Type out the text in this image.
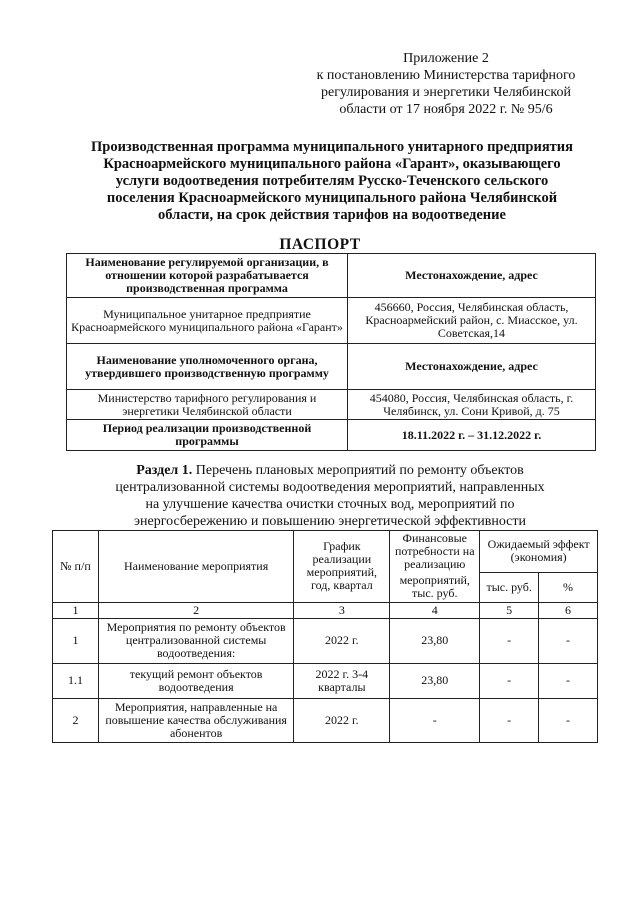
Приложение 2
к постановлению Министерства тарифного
регулирования и энергетики Челябинской
области от 17 ноября 2022 г. № 95/6
Производственная программа муниципального унитарного предприятия
Красноармейского муниципального района «Гарант», оказывающего
услуги водоотведения потребителям Русско-Теченского сельского
поселения Красноармейского муниципального района Челябинской
области, на срок действия тарифов на водоотведение
ПАСПОРТ
Наименование регулируемой организации, в отношении которой разрабатывается производственная программа	Местонахождение, адрес
Муниципальное унитарное предприятие Красноармейского муниципального района «Гарант»	456660, Россия, Челябинская область, Красноармейский район, с. Миасское, ул. Советская,14
Наименование уполномоченного органа, утвердившего производственную программу	Местонахождение, адрес
Министерство тарифного регулирования и энергетики Челябинской области	454080, Россия, Челябинская область, г. Челябинск, ул. Сони Кривой, д. 75
Период реализации производственной программы	18.11.2022 г. – 31.12.2022 г.
Раздел 1. Перечень плановых мероприятий по ремонту объектов
централизованной системы водоотведения мероприятий, направленных
на улучшение качества очистки сточных вод, мероприятий по
энергосбережению и повышению энергетической эффективности
№ п/п	Наименование мероприятия	График реализации мероприятий, год, квартал	Финансовые потребности на реализацию	Ожидаемый эффект (экономия)	
			мероприятий, тыс. руб.	тыс. руб.	%
1	2	3	4	5	6
1	Мероприятия по ремонту объектов централизованной системы водоотведения:	2022 г.	23,80	-	-
1.1	текущий ремонт объектов водоотведения	2022 г. 3-4 кварталы	23,80	-	-
2	Мероприятия, направленные на повышение качества обслуживания абонентов	2022 г.	-	-	-
